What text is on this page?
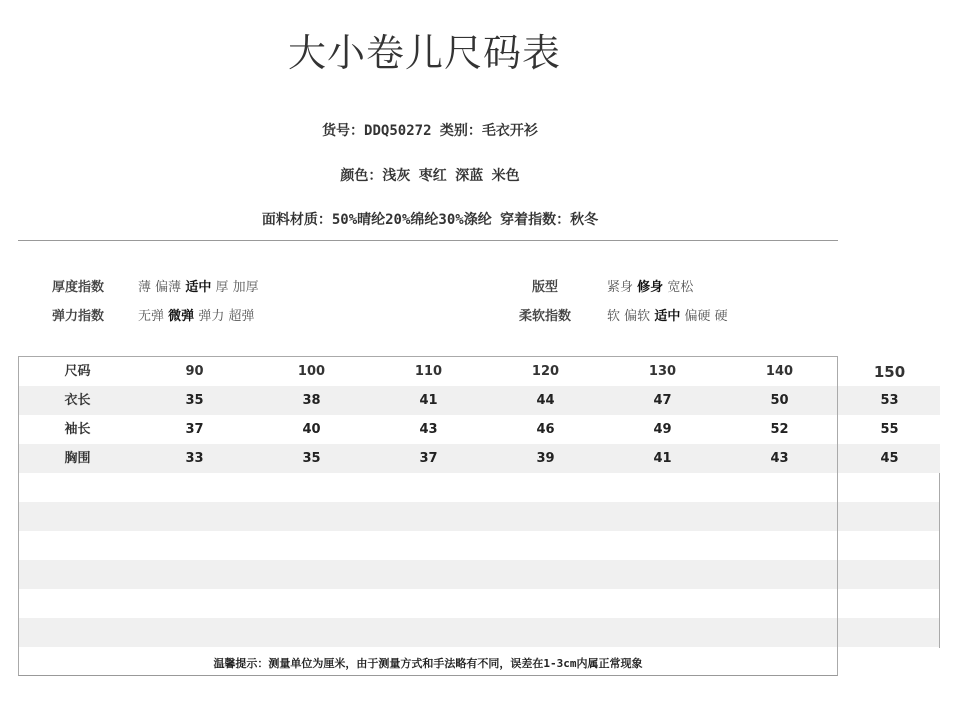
大小卷儿尺码表
货号：DDQ50272 类别：毛衣开衫
颜色：浅灰 枣红 深蓝 米色
面料材质：50%晴纶20%绵纶30%涤纶 穿着指数：秋冬
厚度指数	薄 偏薄 适中 厚 加厚
弹力指数	无弹 微弹 弹力 超弹
版型	紧身 修身 宽松
柔软指数	软 偏软 适中 偏硬 硬
尺码	90	100	110	120	130	140	150
衣长	35	38	41	44	47	50	53
袖长	37	40	43	46	49	52	55
胸围	33	35	37	39	41	43	45
温馨提示：测量单位为厘米，由于测量方式和手法略有不同，误差在1-3cm内属正常现象
